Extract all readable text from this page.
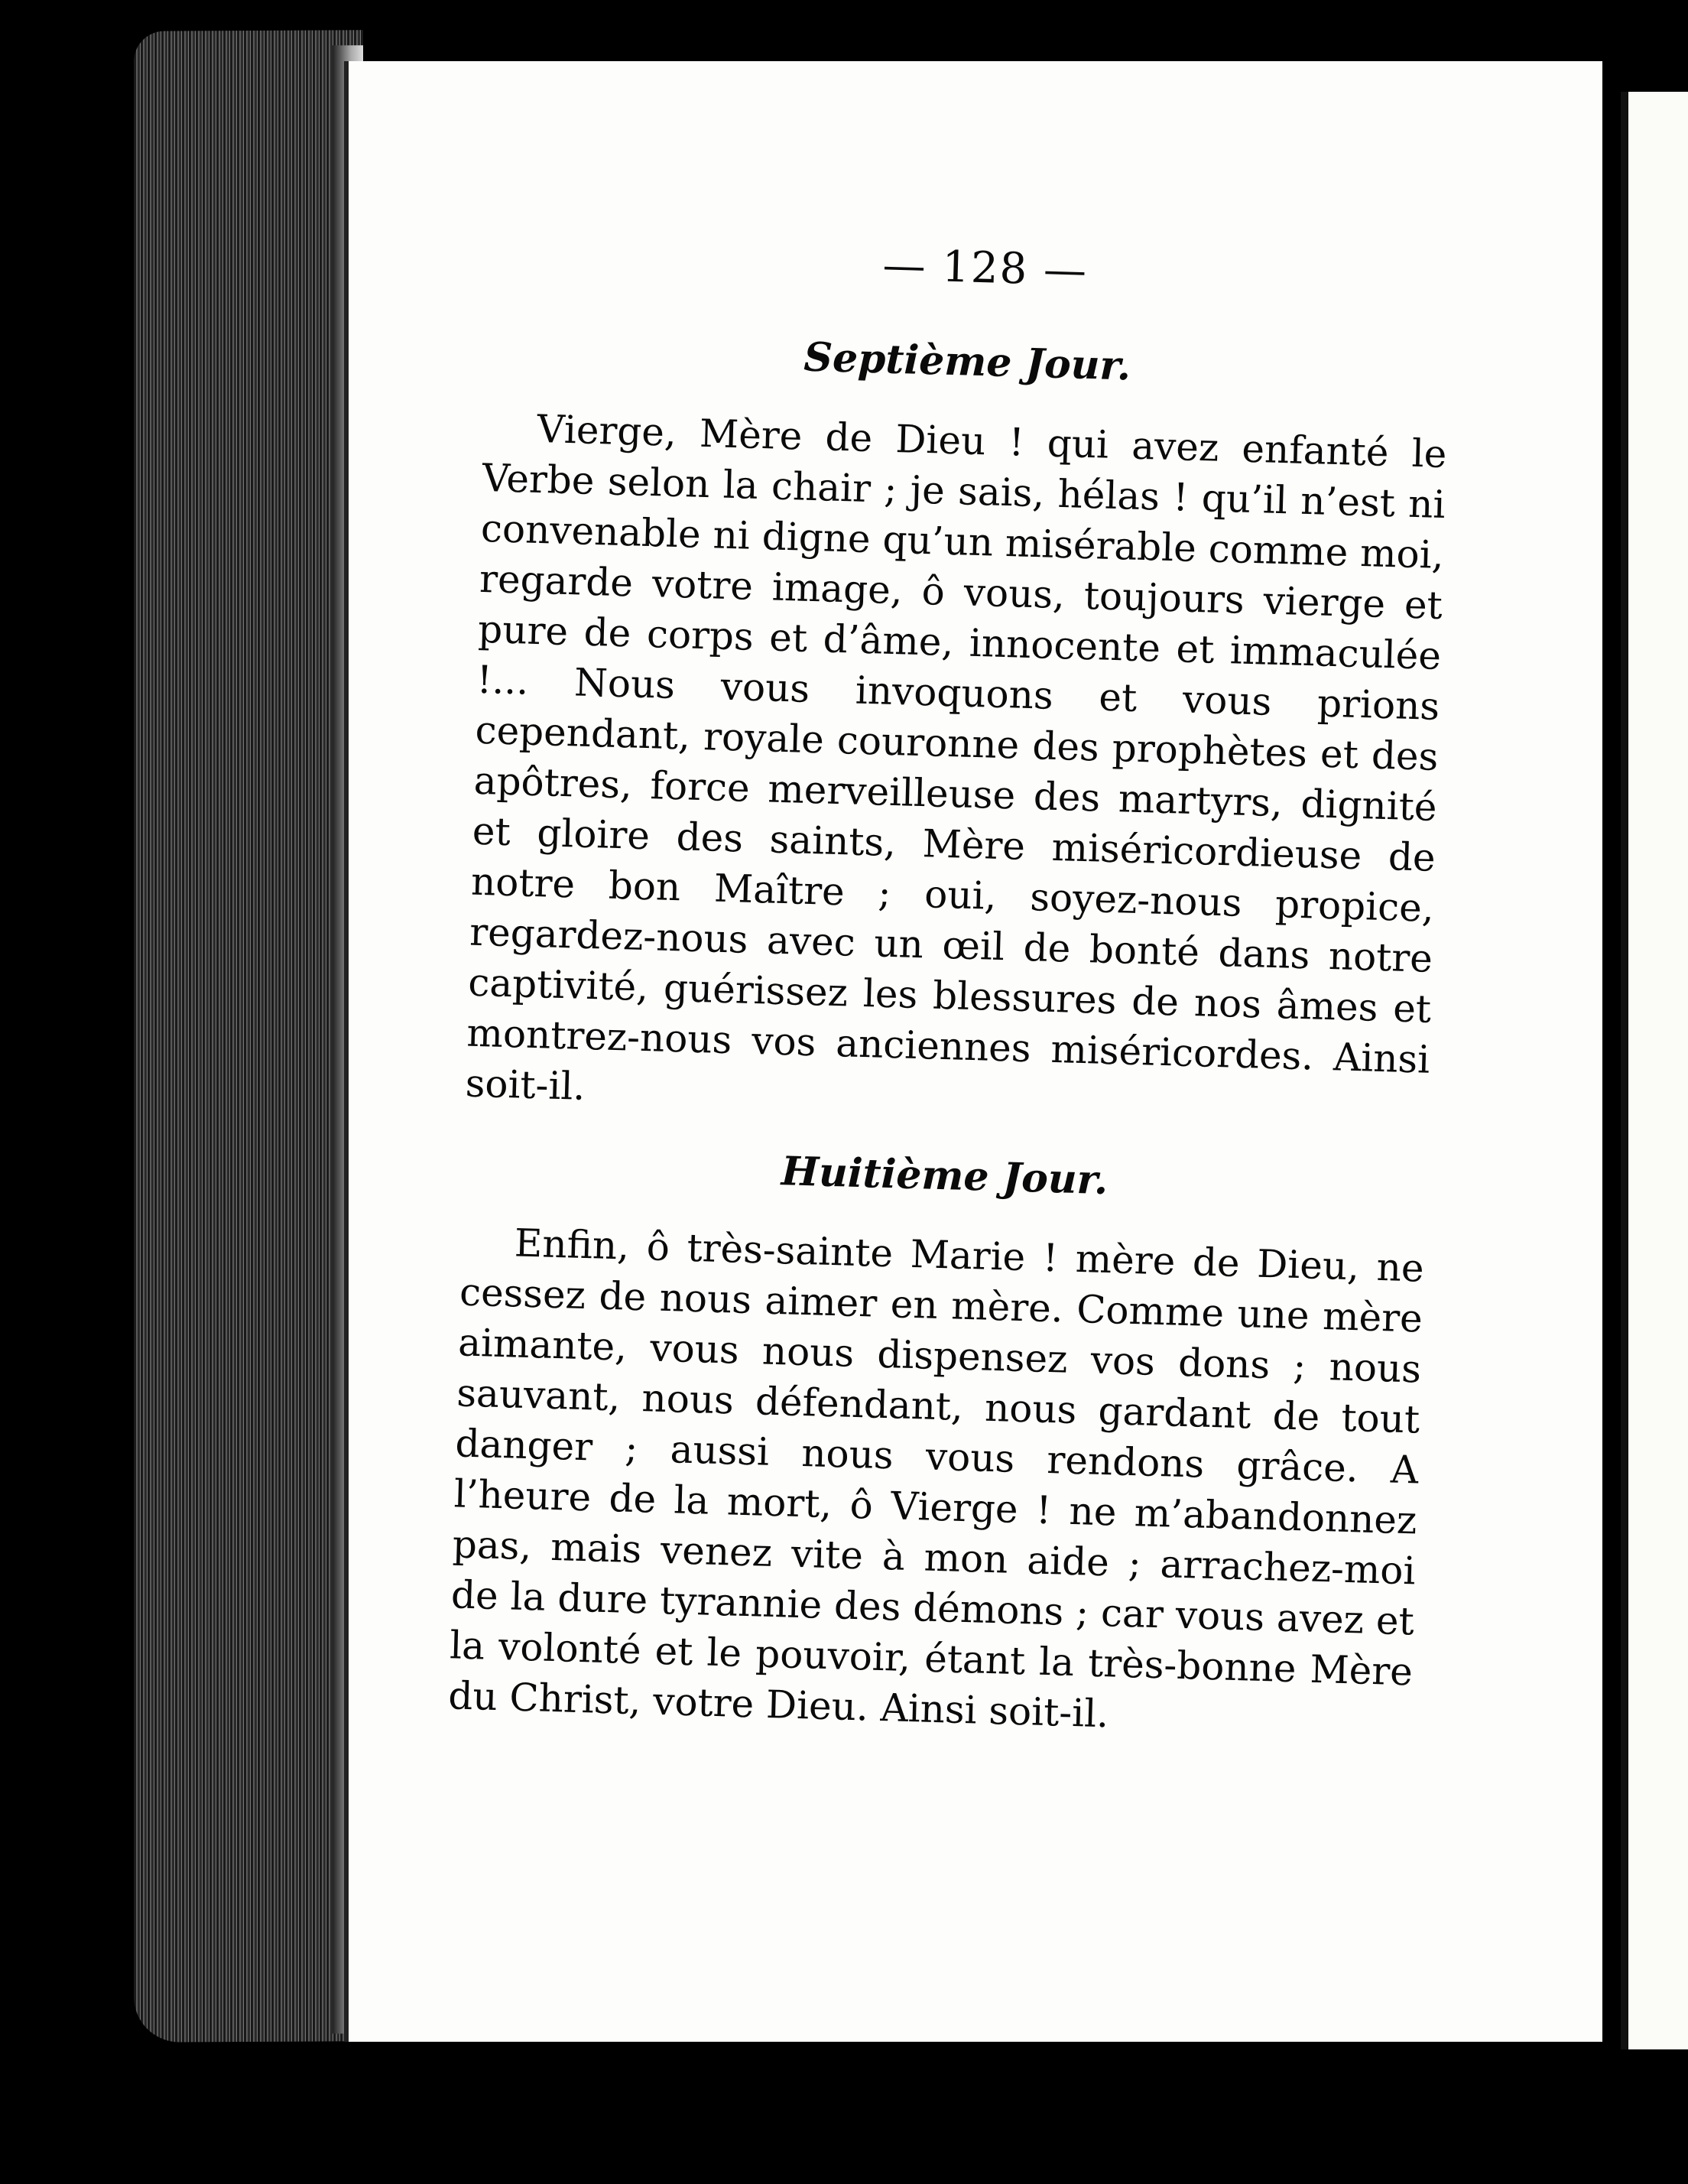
— 128 —
Septième Jour.

Vierge, Mère de Dieu ! qui avez enfanté le Verbe selon la chair ; je sais, hélas ! qu’il n’est ni convenable ni digne qu’un misérable comme moi, regarde votre image, ô vous, toujours vierge et pure de corps et d’âme, innocente et immaculée !... Nous vous invoquons et vous prions cependant, royale couronne des prophètes et des apôtres, force merveilleuse des martyrs, dignité et gloire des saints, Mère miséricordieuse de notre bon Maître ; oui, soyez-nous propice, regardez-nous avec un œil de bonté dans notre captivité, guérissez les blessures de nos âmes et montrez-nous vos anciennes miséricordes. Ainsi soit-il.

Huitième Jour.

Enfin, ô très-sainte Marie ! mère de Dieu, ne cessez de nous aimer en mère. Comme une mère aimante, vous nous dispensez vos dons ; nous sauvant, nous défendant, nous gardant de tout danger ; aussi nous vous rendons grâce. A l’heure de la mort, ô Vierge ! ne m’abandonnez pas, mais venez vite à mon aide ; arrachez-moi de la dure tyrannie des démons ; car vous avez et la volonté et le pouvoir, étant la très-bonne Mère du Christ, votre Dieu. Ainsi soit-il.
